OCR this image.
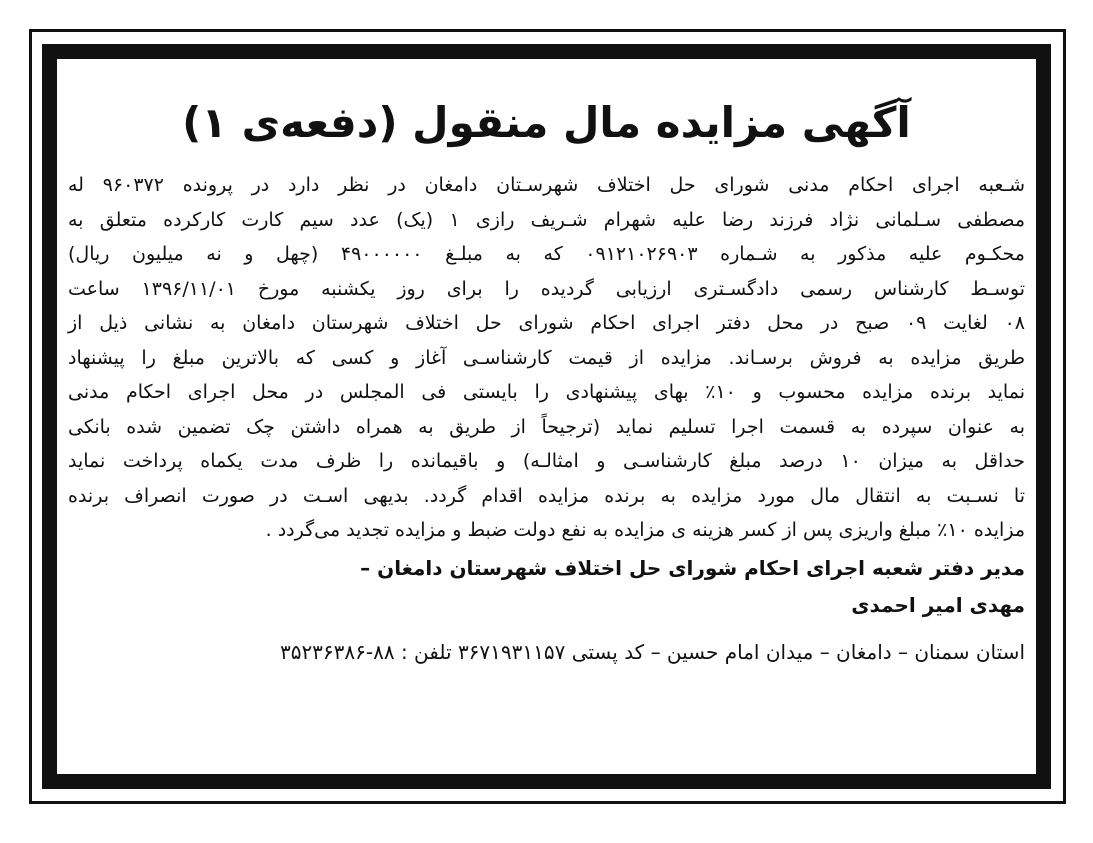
آگهی مزایده مال منقول (دفعه‌ی ۱)
شـعبه اجرای احکام مدنی شورای حل اختلاف شهرسـتان دامغان در نظر دارد در پرونده ۹۶۰۳۷۲ له
مصطفی سـلمانی نژاد فرزند رضا علیه شهرام شـریف رازی ۱ (یک) عدد سیم کارت کارکرده متعلق به
محکـوم علیه مذکور به شـماره ۰۹۱۲۱۰۲۶۹۰۳ که به مبلـغ ۴۹۰۰۰۰۰۰ (چهل و نه میلیون ریال)
توسـط کارشناس رسمی دادگسـتری ارزیابی گردیده را برای روز یکشنبه مورخ ۱۳۹۶/۱۱/۰۱ ساعت
۰۸ لغایت ۰۹ صبح در محل دفتر اجرای احکام شورای حل اختلاف شهرستان دامغان به نشانی ذیل از
طریق مزایده به فروش برسـاند. مزایده از قیمت کارشناسـی آغاز و کسی که بالاترین مبلغ را پیشنهاد
نماید برنده مزایده محسوب و ۱۰٪ بهای پیشنهادی را بایستی فی المجلس در محل اجرای احکام مدنی
به عنوان سپرده به قسمت اجرا تسلیم نماید (ترجیحاً از طریق به همراه داشتن چک تضمین شده بانکی
حداقل به میزان ۱۰ درصد مبلغ کارشناسـی و امثالـه) و باقیمانده را ظرف مدت یکماه پرداخت نماید
تا نسـبت به انتقال مال مورد مزایده به برنده مزایده اقدام گردد. بدیهی اسـت در صورت انصراف برنده
مزایده ۱۰٪ مبلغ واریزی پس از کسر هزینه ی مزایده به نفع دولت ضبط و مزایده تجدید می‌گردد .
مدیر دفتر شعبه اجرای احکام شورای حل اختلاف شهرستان دامغان –
مهدی امیر احمدی
استان سمنان – دامغان – میدان امام حسین – کد پستی ۳۶۷۱۹۳۱۱۵۷ تلفن : ۸۸-۳۵۲۳۶۳۸۶
